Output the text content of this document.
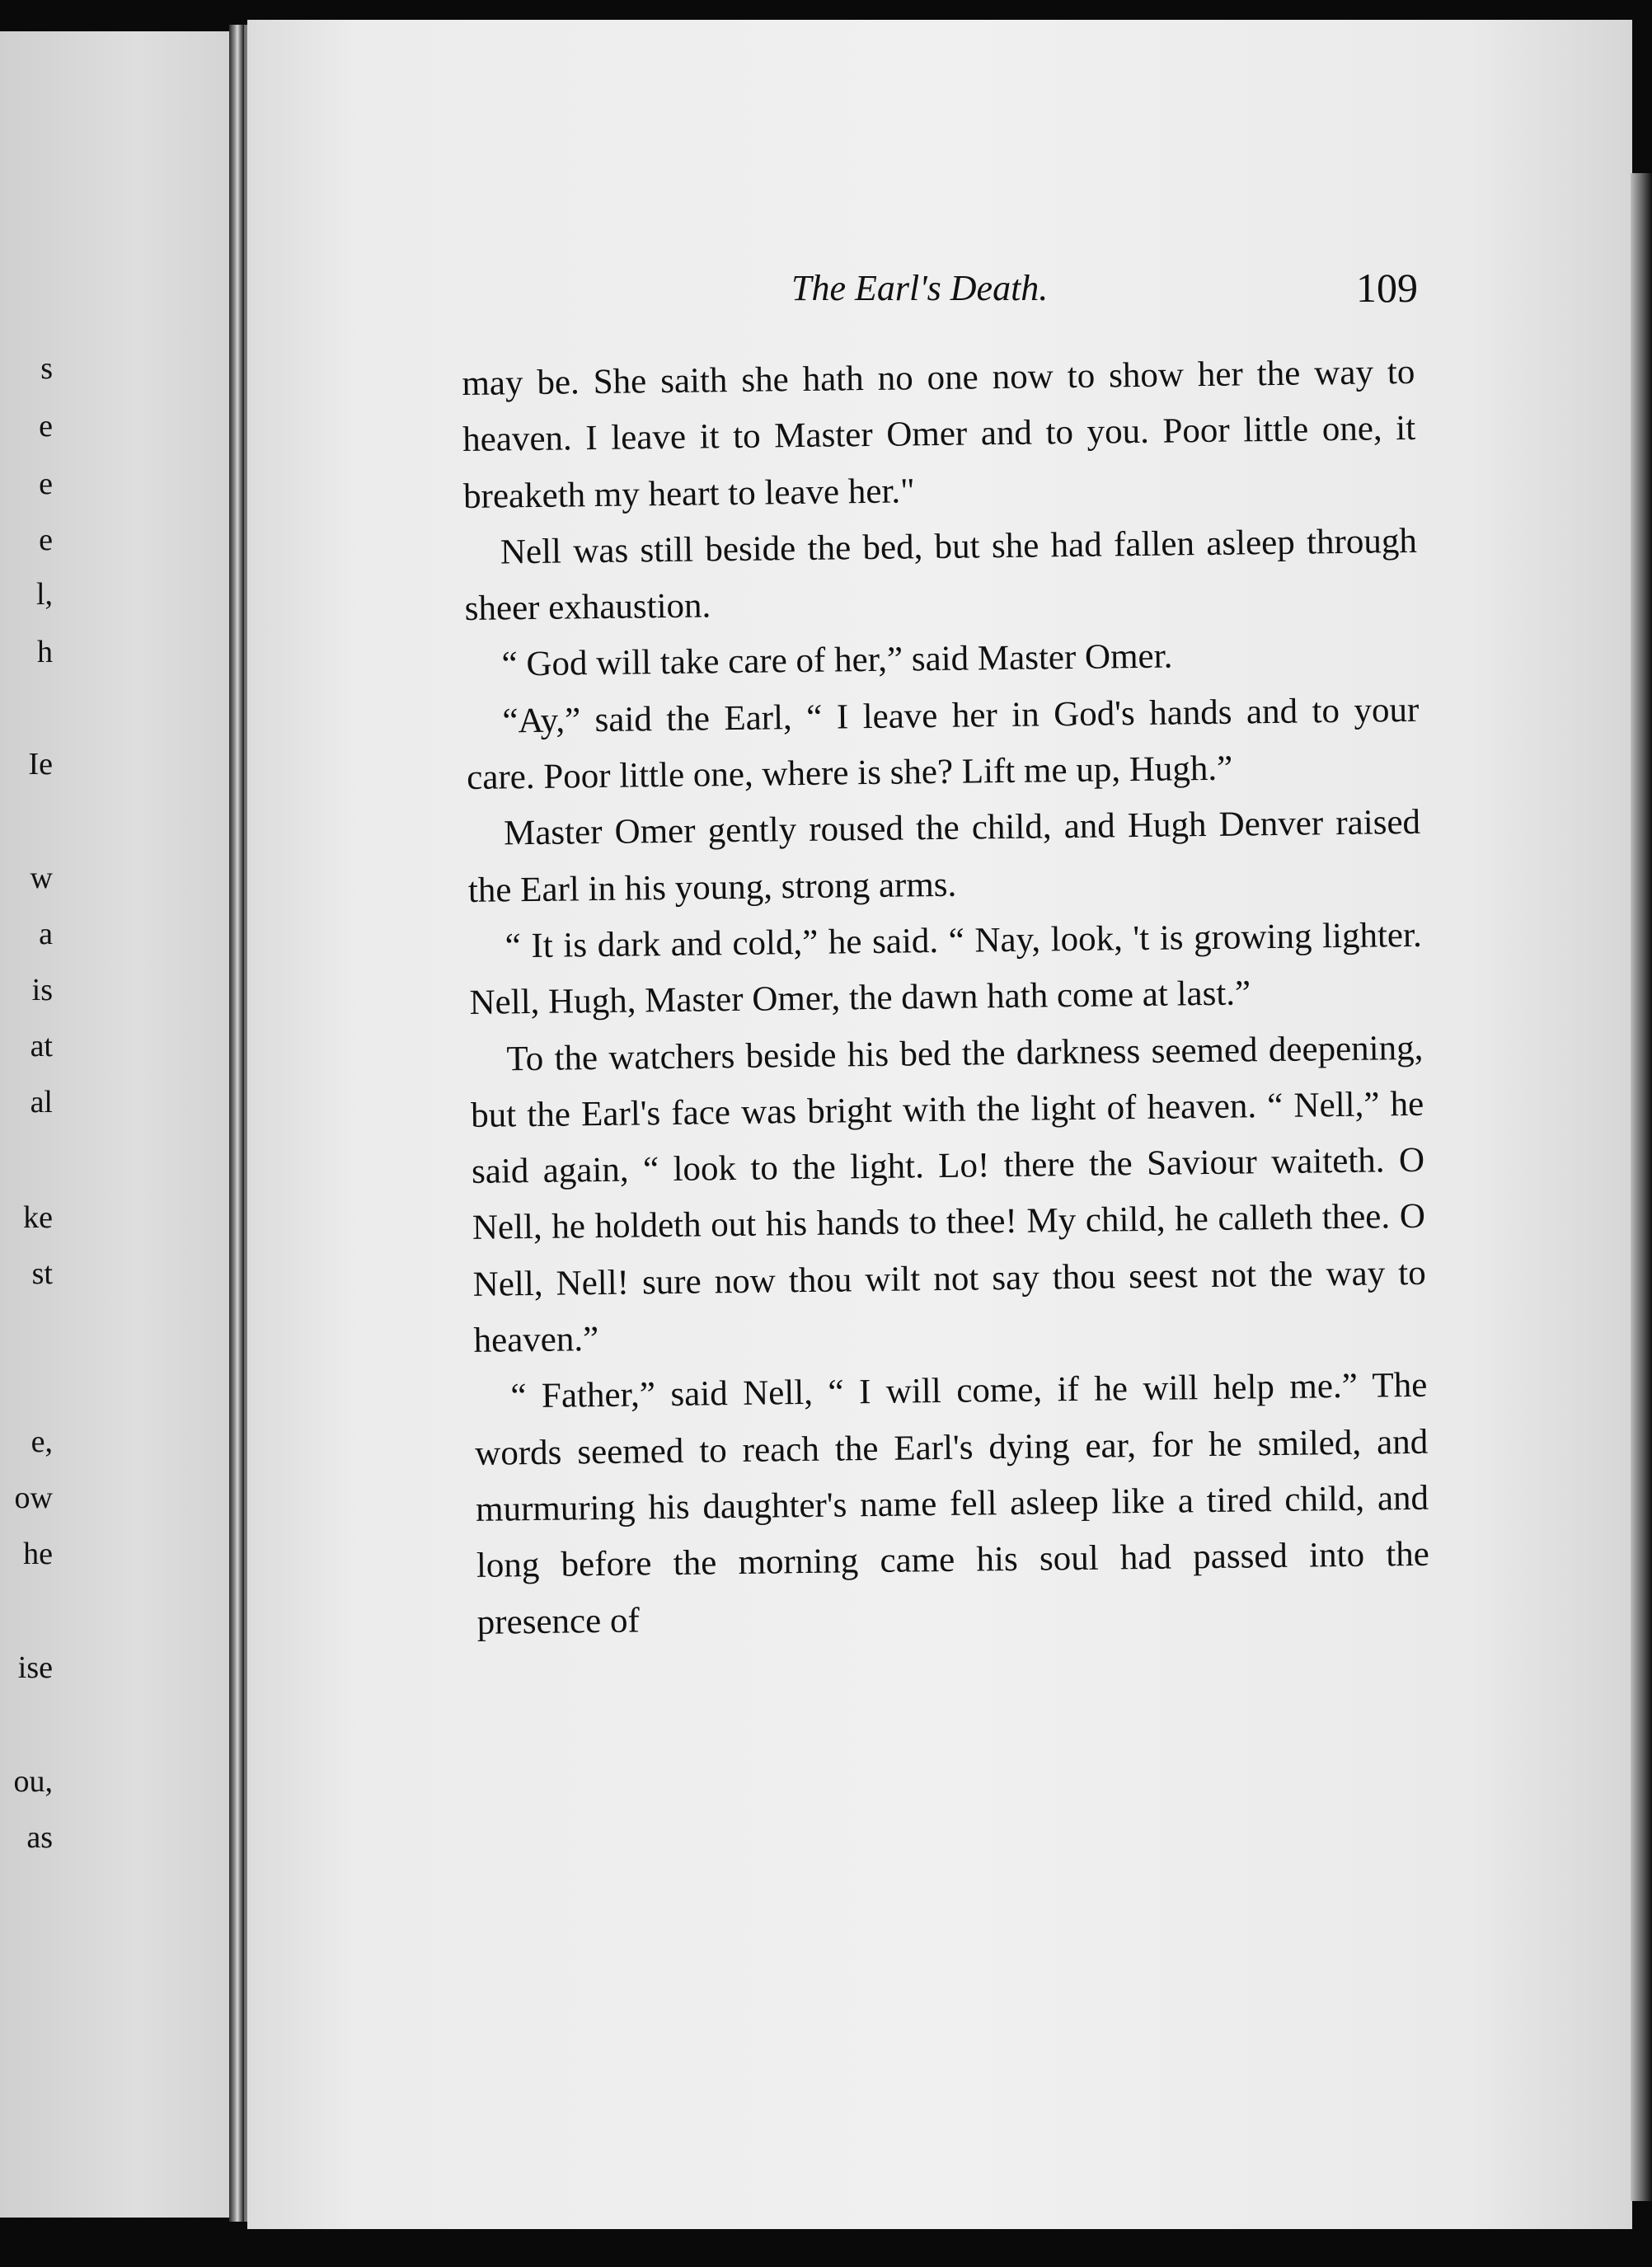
s
e
e
e
l,
h
Ie
w
a
is
at
al
ke
st
e,
ow
he
ise
ou,
as
The Earl's Death.	109

may be. She saith she hath no one now to show her the way to heaven. I leave it to Master Omer and to you. Poor little one, it breaketh my heart to leave her."

Nell was still beside the bed, but she had fallen asleep through sheer exhaustion.

“ God will take care of her,” said Master Omer.

“Ay,” said the Earl, “ I leave her in God's hands and to your care. Poor little one, where is she? Lift me up, Hugh.”

Master Omer gently roused the child, and Hugh Denver raised the Earl in his young, strong arms.

“ It is dark and cold,” he said. “ Nay, look, 't is growing lighter. Nell, Hugh, Master Omer, the dawn hath come at last.”

To the watchers beside his bed the darkness seemed deepening, but the Earl's face was bright with the light of heaven. “ Nell,” he said again, “ look to the light. Lo! there the Saviour waiteth. O Nell, he holdeth out his hands to thee! My child, he calleth thee. O Nell, Nell! sure now thou wilt not say thou seest not the way to heaven.”

“ Father,” said Nell, “ I will come, if he will help me.” The words seemed to reach the Earl's dying ear, for he smiled, and murmuring his daughter's name fell asleep like a tired child, and long before the morning came his soul had passed into the presence of
